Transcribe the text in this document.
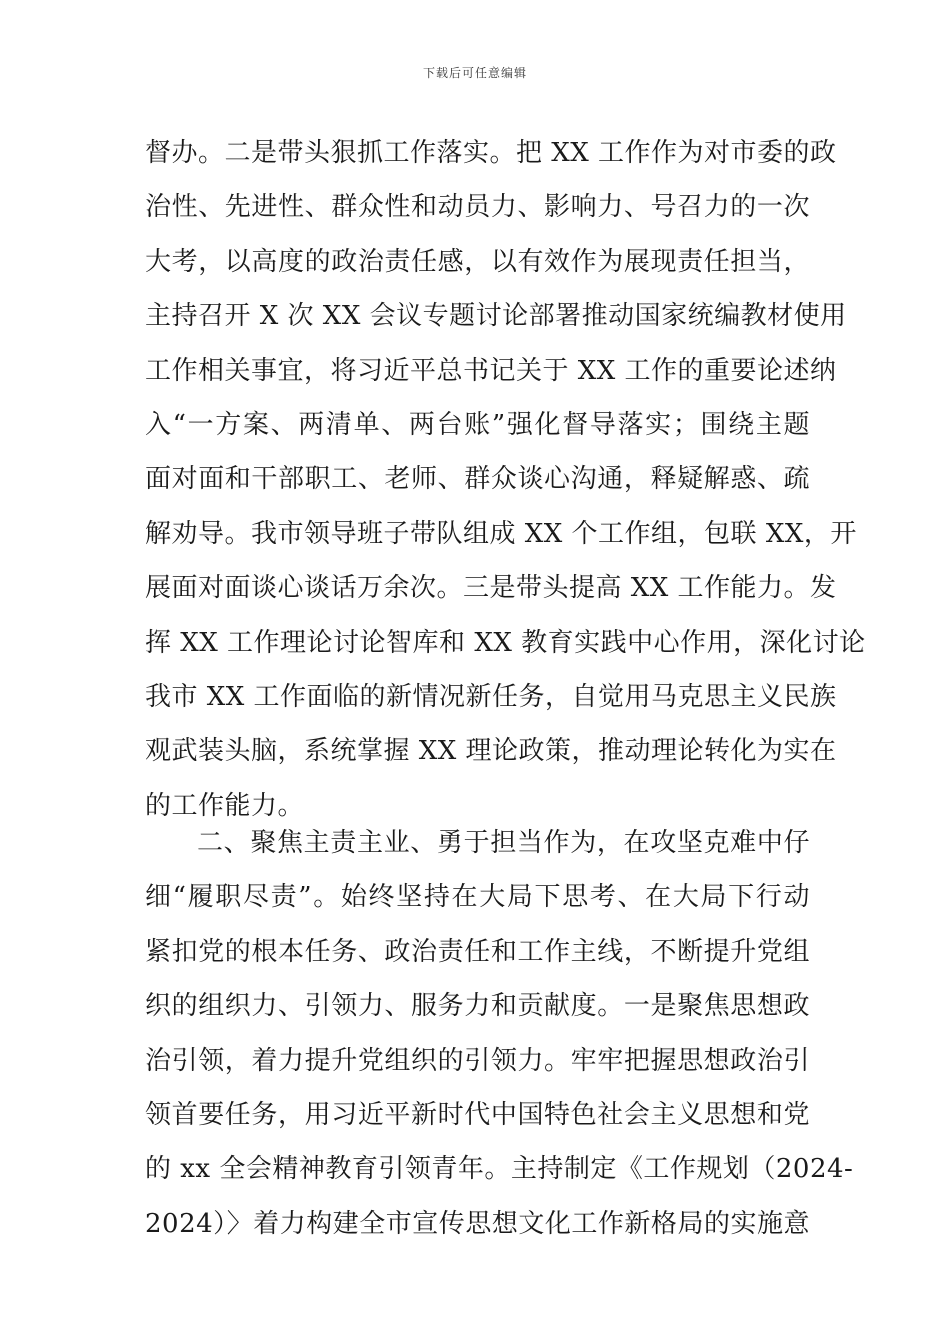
下载后可任意编辑
督办。二是带头狠抓工作落实。把 XX 工作作为对市委的政
治性、先进性、群众性和动员力、影响力、号召力的一次
大考，以高度的政治责任感，以有效作为展现责任担当，
主持召开 X 次 XX 会议专题讨论部署推动国家统编教材使用
工作相关事宜，将习近平总书记关于 XX 工作的重要论述纳
入“一方案、两清单、两台账”强化督导落实；围绕主题
面对面和干部职工、老师、群众谈心沟通，释疑解惑、疏
解劝导。我市领导班子带队组成 XX 个工作组，包联 XX，开
展面对面谈心谈话万余次。三是带头提高 XX 工作能力。发
挥 XX 工作理论讨论智库和 XX 教育实践中心作用，深化讨论
我市 XX 工作面临的新情况新任务，自觉用马克思主义民族
观武装头脑，系统掌握 XX 理论政策，推动理论转化为实在
的工作能力。
二、聚焦主责主业、勇于担当作为，在攻坚克难中仔
细“履职尽责”。始终坚持在大局下思考、在大局下行动
紧扣党的根本任务、政治责任和工作主线，不断提升党组
织的组织力、引领力、服务力和贡献度。一是聚焦思想政
治引领，着力提升党组织的引领力。牢牢把握思想政治引
领首要任务，用习近平新时代中国特色社会主义思想和党
的 xx 全会精神教育引领青年。主持制定《工作规划（2024-
2024）〉着力构建全市宣传思想文化工作新格局的实施意
